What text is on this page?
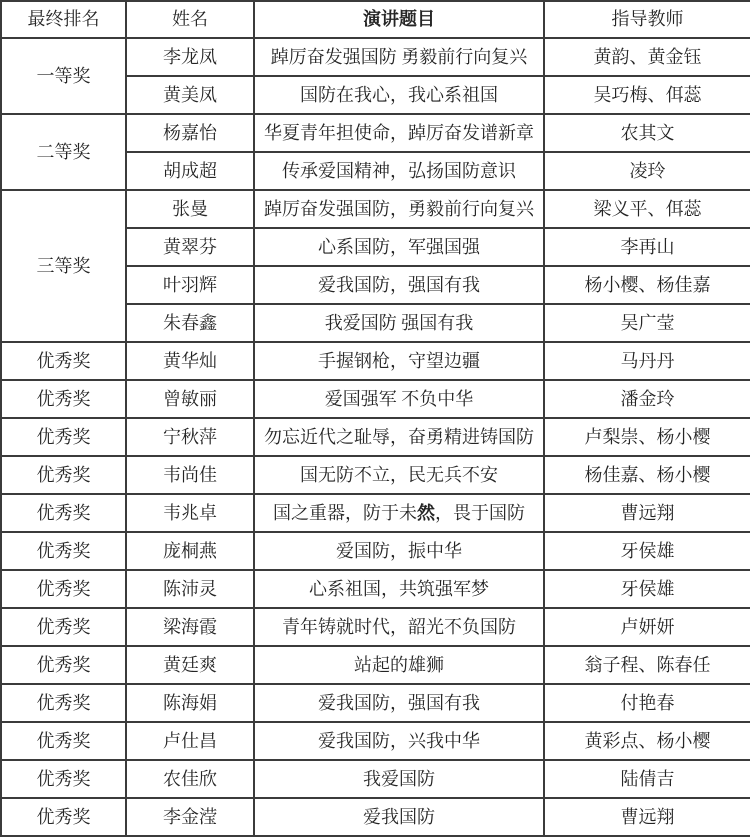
最终排名	姓名	演讲题目	指导教师
一等奖	李龙凤	踔厉奋发强国防 勇毅前行向复兴	黄韵、黄金钰
	黄美凤	国防在我心，我心系祖国	吴巧梅、佴蕊
二等奖	杨嘉怡	华夏青年担使命，踔厉奋发谱新章	农其文
	胡成超	传承爱国精神，弘扬国防意识	凌玲
三等奖	张曼	踔厉奋发强国防，勇毅前行向复兴	梁义平、佴蕊
	黄翠芬	心系国防，军强国强	李再山
	叶羽辉	爱我国防，强国有我	杨小樱、杨佳嘉
	朱春鑫	我爱国防 强国有我	吴广莹
优秀奖	黄华灿	手握钢枪，守望边疆	马丹丹
优秀奖	曾敏丽	爱国强军 不负中华	潘金玲
优秀奖	宁秋萍	勿忘近代之耻辱，奋勇精进铸国防	卢梨崇、杨小樱
优秀奖	韦尚佳	国无防不立，民无兵不安	杨佳嘉、杨小樱
优秀奖	韦兆卓	国之重器，防于未然，畏于国防	曹远翔
优秀奖	庞桐燕	爱国防，振中华	牙侯雄
优秀奖	陈沛灵	心系祖国，共筑强军梦	牙侯雄
优秀奖	梁海霞	青年铸就时代，韶光不负国防	卢妍妍
优秀奖	黄廷爽	站起的雄狮	翁子程、陈春任
优秀奖	陈海娟	爱我国防，强国有我	付艳春
优秀奖	卢仕昌	爱我国防，兴我中华	黄彩点、杨小樱
优秀奖	农佳欣	我爱国防	陆倩吉
优秀奖	李金滢	爱我国防	曹远翔
